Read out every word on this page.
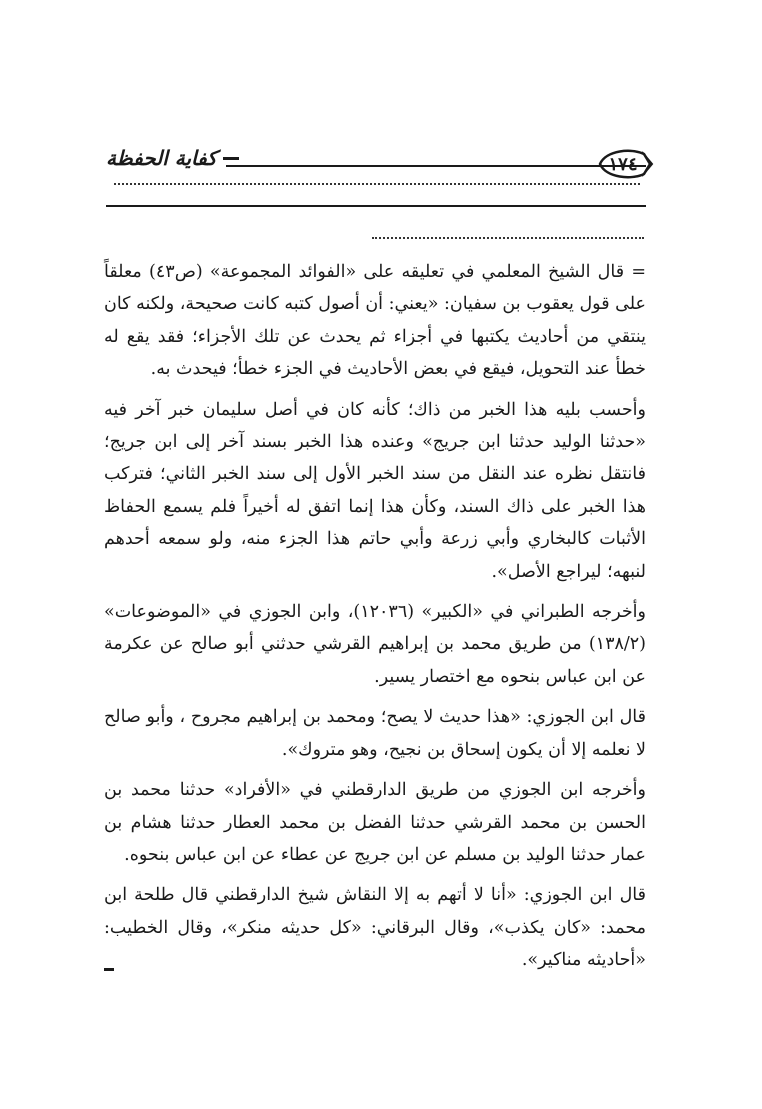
كفاية الحفظة	١٧٤

= قال الشيخ المعلمي في تعليقه على «الفوائد المجموعة» (ص٤٣) معلقاً على قول يعقوب بن سفيان: «يعني: أن أصول كتبه كانت صحيحة، ولكنه كان ينتقي من أحاديث يكتبها في أجزاء ثم يحدث عن تلك الأجزاء؛ فقد يقع له خطأ عند التحويل، فيقع في بعض الأحاديث في الجزء خطأ؛ فيحدث به.

وأحسب بليه هذا الخبر من ذاك؛ كأنه كان في أصل سليمان خبر آخر فيه «حدثنا الوليد حدثنا ابن جريج» وعنده هذا الخبر بسند آخر إلى ابن جريج؛ فانتقل نظره عند النقل من سند الخبر الأول إلى سند الخبر الثاني؛ فتركب هذا الخبر على ذاك السند، وكأن هذا إنما اتفق له أخيراً فلم يسمع الحفاظ الأثبات كالبخاري وأبي زرعة وأبي حاتم هذا الجزء منه، ولو سمعه أحدهم لنبهه؛ ليراجع الأصل».

وأخرجه الطبراني في «الكبير» (١٢٠٣٦)، وابن الجوزي في «الموضوعات» (١٣٨/٢) من طريق محمد بن إبراهيم القرشي حدثني أبو صالح عن عكرمة عن ابن عباس بنحوه مع اختصار يسير.

قال ابن الجوزي: «هذا حديث لا يصح؛ ومحمد بن إبراهيم مجروح ، وأبو صالح لا نعلمه إلا أن يكون إسحاق بن نجيح، وهو متروك».

وأخرجه ابن الجوزي من طريق الدارقطني في «الأفراد» حدثنا محمد بن الحسن بن محمد القرشي حدثنا الفضل بن محمد العطار حدثنا هشام بن عمار حدثنا الوليد بن مسلم عن ابن جريج عن عطاء عن ابن عباس بنحوه.

قال ابن الجوزي: «أنا لا أتهم به إلا النقاش شيخ الدارقطني قال طلحة ابن محمد: «كان يكذب»، وقال البرقاني: «كل حديثه منكر»، وقال الخطيب: «أحاديثه مناكير».
